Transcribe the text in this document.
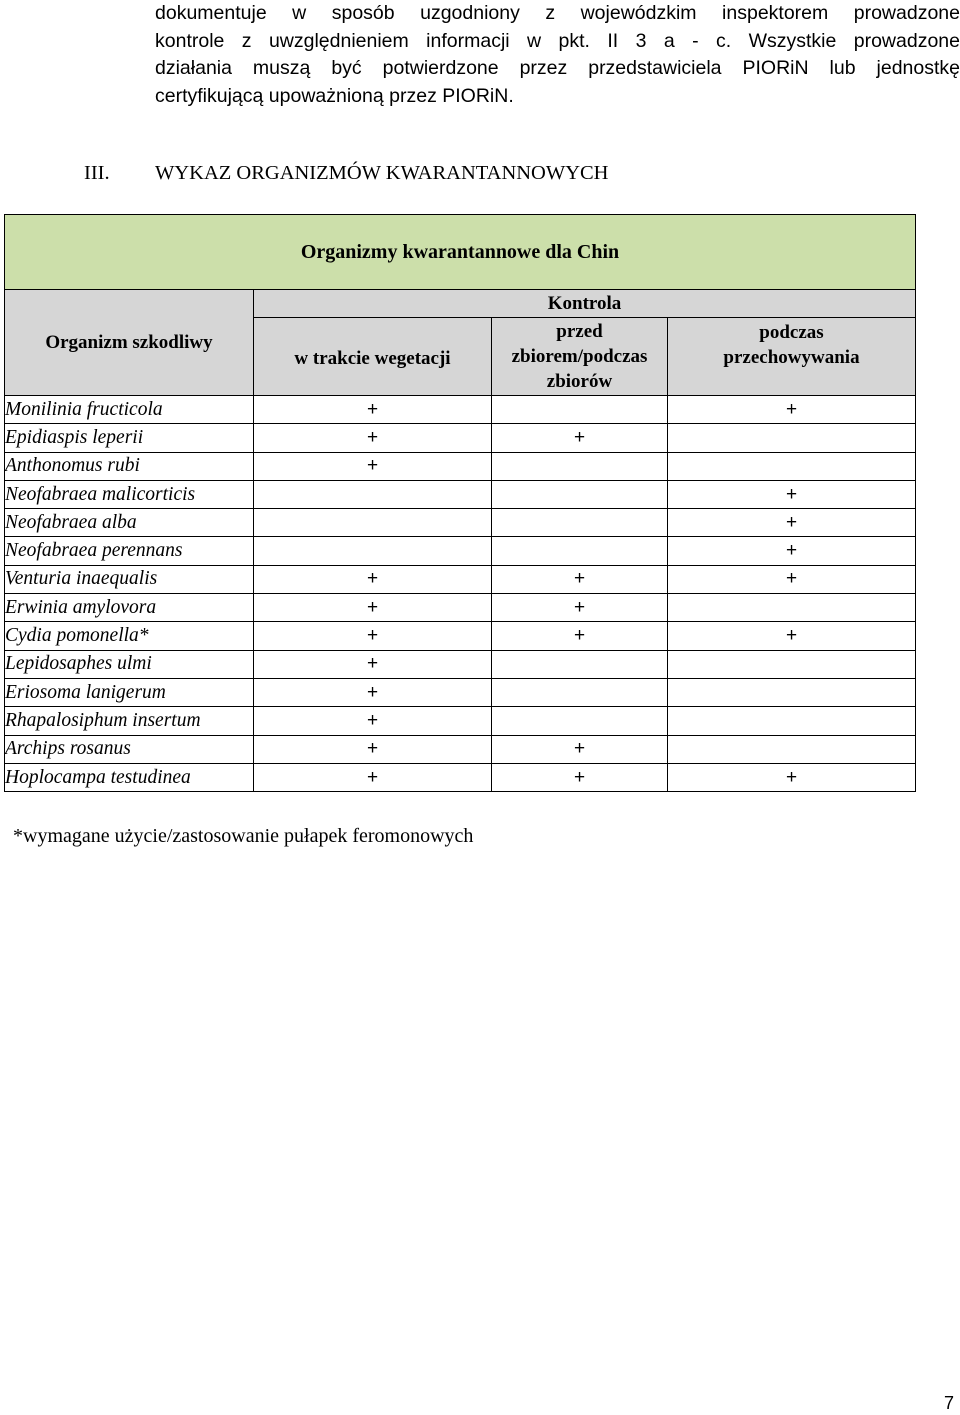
dokumentuje w sposób uzgodniony z wojewódzkim inspektorem prowadzone
kontrole z uwzględnieniem informacji w pkt. II 3 a - c. Wszystkie prowadzone
działania muszą być potwierdzone przez przedstawiciela PIORiN lub jednostkę
certyfikującą upoważnioną przez PIORiN.
III. WYKAZ ORGANIZMÓW KWARANTANNOWYCH
Organizmy kwarantannowe dla Chin			
Organizm szkodliwy	Kontrola		
	w trakcie wegetacji	przed zbiorem/podczas zbiorów	podczas przechowywania

Monilinia fructicola	+		+
Epidiaspis leperii	+	+	
Anthonomus rubi	+		
Neofabraea malicorticis			+
Neofabraea alba			+
Neofabraea perennans			+
Venturia inaequalis	+	+	+
Erwinia amylovora	+	+	
Cydia pomonella*	+	+	+
Lepidosaphes ulmi	+		
Eriosoma lanigerum	+		
Rhapalosiphum insertum	+		
Archips rosanus	+	+	
Hoplocampa testudinea	+	+	+
*wymagane użycie/zastosowanie pułapek feromonowych
7
